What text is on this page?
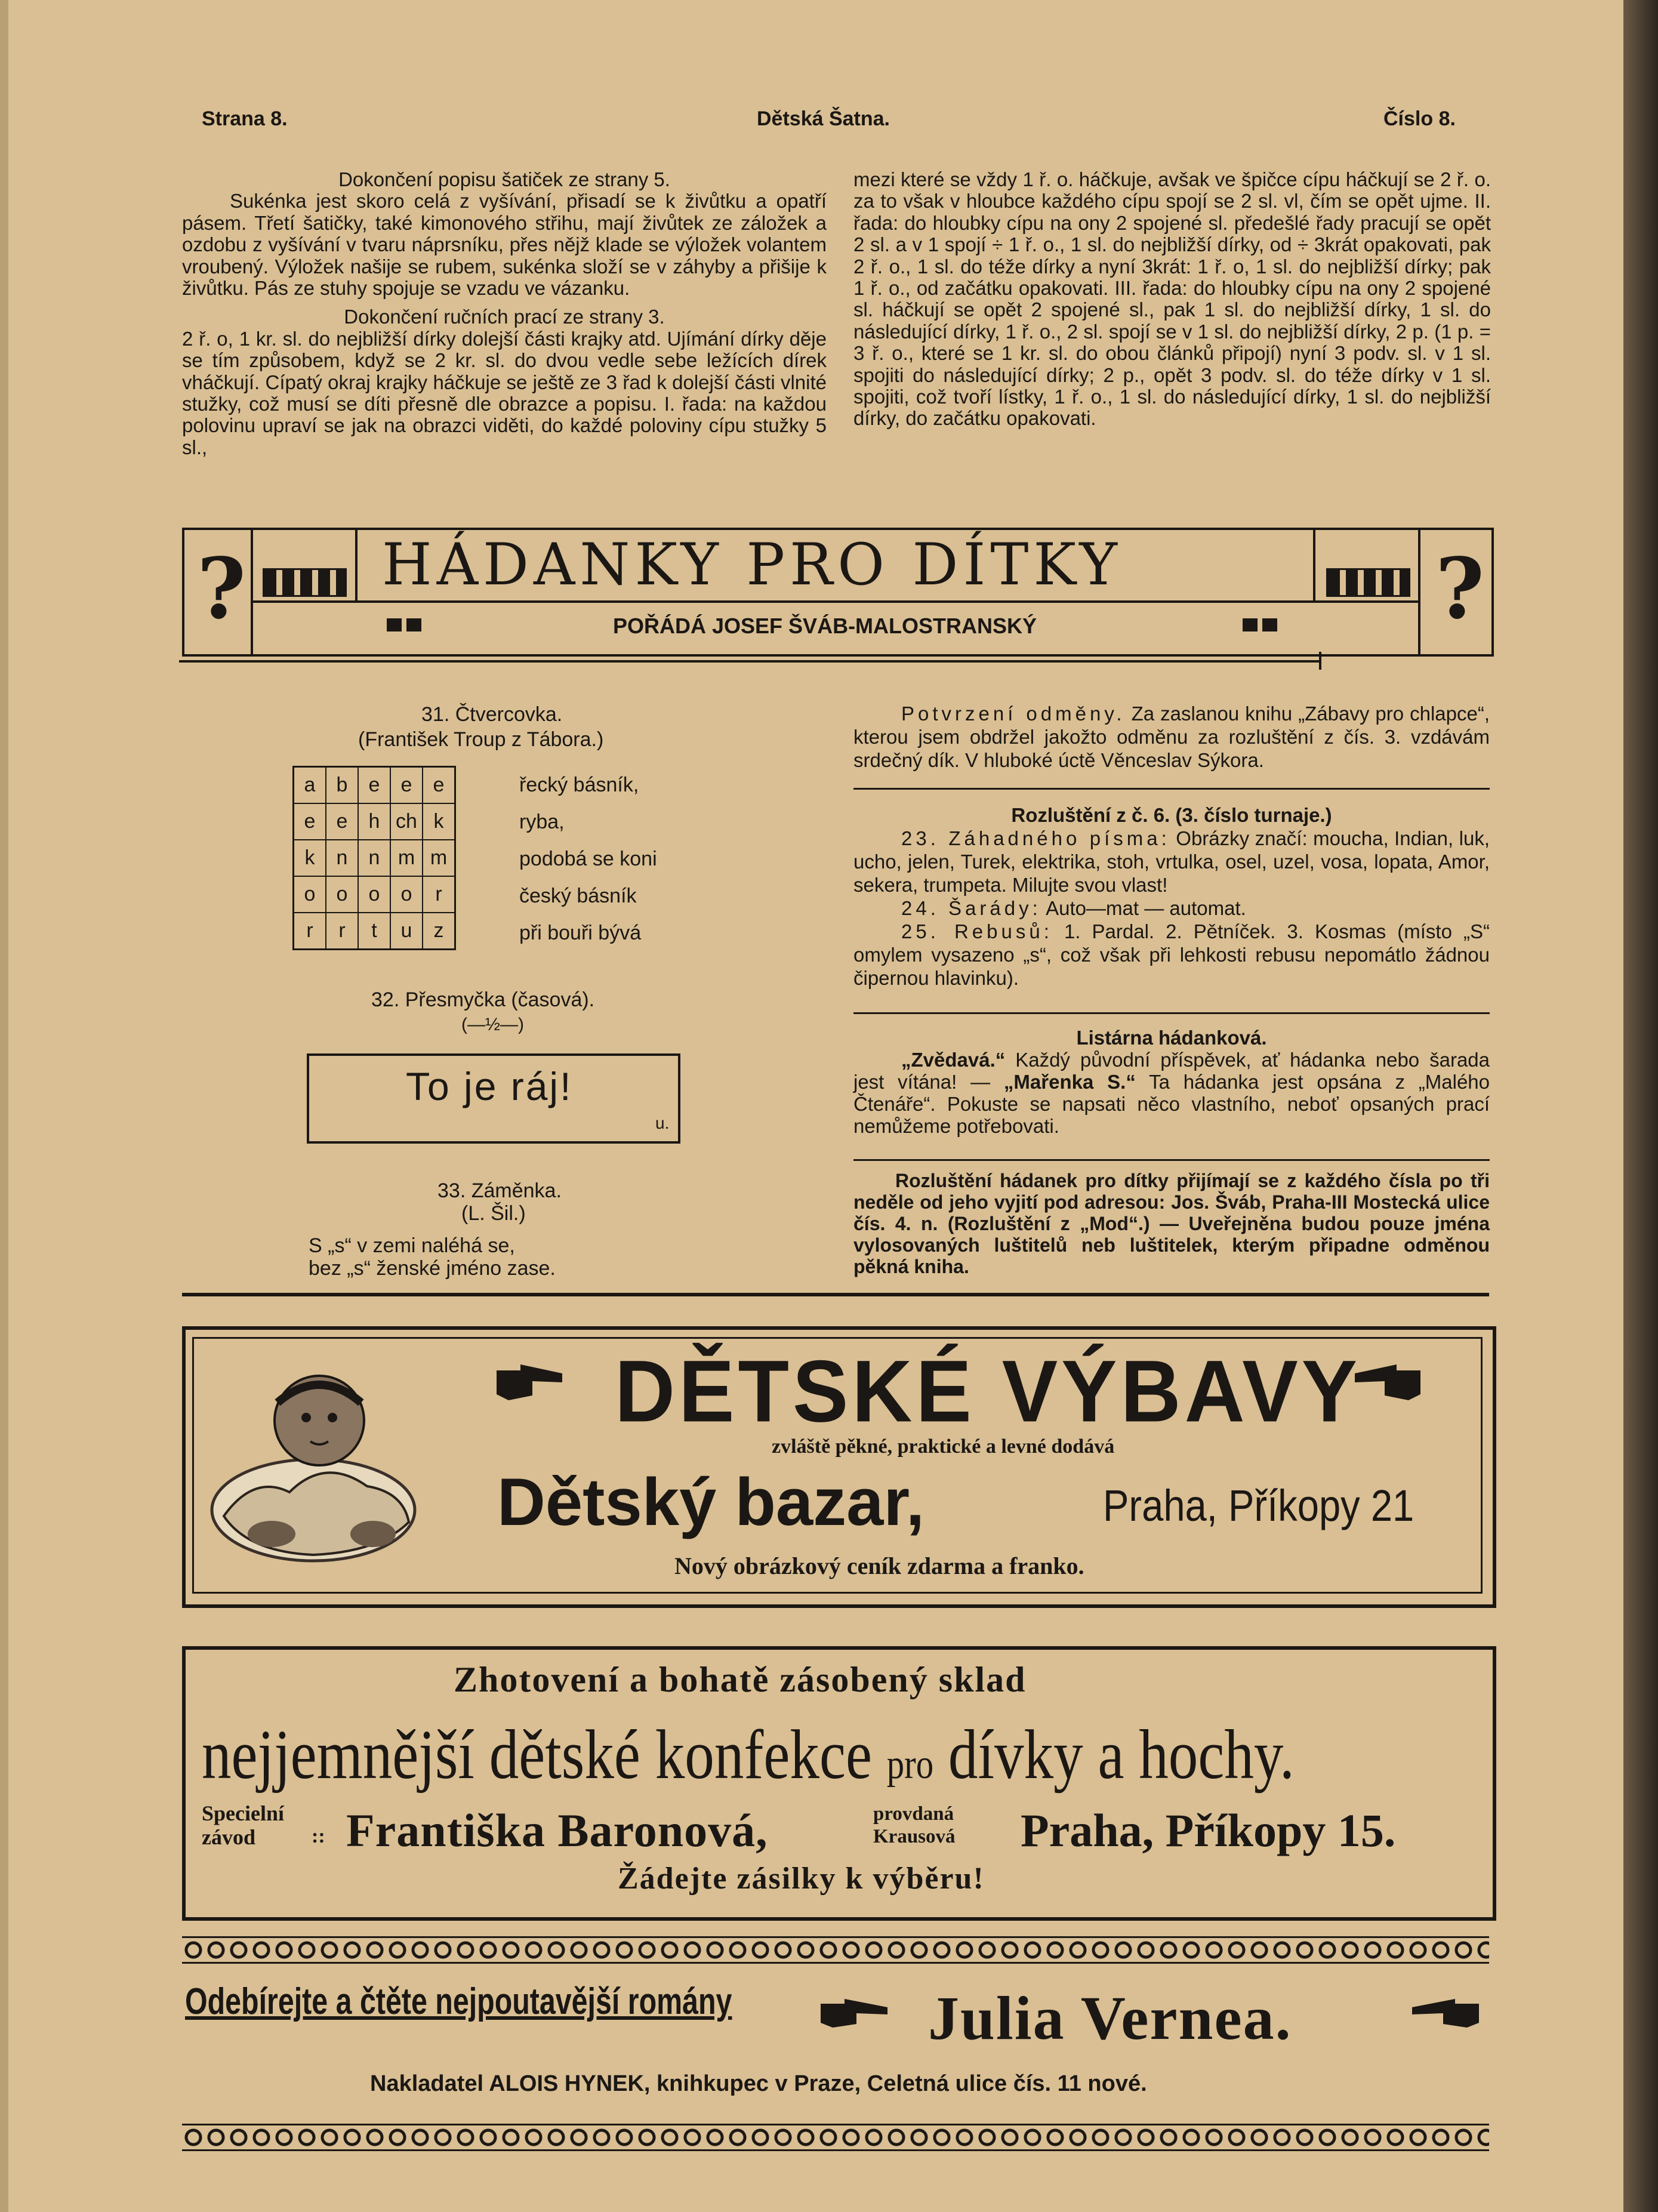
Strana 8.	Dětská Šatna.	Číslo 8.

Dokončení popisu šatiček ze strany 5.

Sukénka jest skoro celá z vyšívání, přisadí se k živůtku a opatří pásem. Třetí šatičky, také kimonového střihu, mají živůtek ze záložek a ozdobu z vyšívání v tvaru náprsníku, přes nějž klade se výložek volantem vroubený. Výložek našije se rubem, sukénka složí se v záhyby a přišije k živůtku. Pás ze stuhy spojuje se vzadu ve vázanku.

Dokončení ručních prací ze strany 3.

2 ř. o, 1 kr. sl. do nejbližší dírky dolejší části krajky atd. Ujímání dírky děje se tím způsobem, když se 2 kr. sl. do dvou vedle sebe ležících dírek vháčkují. Cípatý okraj krajky háčkuje se ještě ze 3 řad k dolejší části vlnité stužky, což musí se díti přesně dle obrazce a popisu. I. řada: na každou polovinu upraví se jak na obrazci viděti, do každé poloviny cípu stužky 5 sl.,

mezi které se vždy 1 ř. o. háčkuje, avšak ve špičce cípu háčkují se 2 ř. o. za to však v hloubce každého cípu spojí se 2 sl. vl, čím se opět ujme. II. řada: do hloubky cípu na ony 2 spojené sl. předešlé řady pracují se opět 2 sl. a v 1 spojí ÷ 1 ř. o., 1 sl. do nejbližší dírky, od ÷ 3krát opakovati, pak 2 ř. o., 1 sl. do téže dírky a nyní 3krát: 1 ř. o, 1 sl. do nejbližší dírky; pak 1 ř. o., od začátku opakovati. III. řada: do hloubky cípu na ony 2 spojené sl. háčkují se opět 2 spojené sl., pak 1 sl. do nejbližší dírky, 1 sl. do následující dírky, 1 ř. o., 2 sl. spojí se v 1 sl. do nejbližší dírky, 2 p. (1 p. = 3 ř. o., které se 1 kr. sl. do obou článků připojí) nyní 3 podv. sl. v 1 sl. spojiti do následující dírky; 2 p., opět 3 podv. sl. do téže dírky v 1 sl. spojiti, což tvoří lístky, 1 ř. o., 1 sl. do následující dírky, 1 sl. do nejbližší dírky, do začátku opakovati.

?	?
HÁDANKY PRO DÍTKY
POŘÁDÁ JOSEF ŠVÁB-MALOSTRANSKÝ
31. Čtvercovka.
(František Troup z Tábora.)
a	b	e	e	e
e	e	h	ch	k
k	n	n	m	m
o	o	o	o	r
r	r	t	u	z
řecký básník,
ryba,
podobá se koni
český básník
při bouři bývá
32. Přesmyčka (časová).
(—½—)
To je ráj!
u.
33. Záměnka.
(L. Šil.)
S „s“ v zemi naléhá se,
bez „s“ ženské jméno zase.

Potvrzení odměny. Za zaslanou knihu „Zábavy pro chlapce“, kterou jsem obdržel jakožto odměnu za rozluštění z čís. 3. vzdávám srdečný dík. V hluboké úctě Věnceslav Sýkora.

Rozluštění z č. 6. (3. číslo turnaje.)

23. Záhadného písma: Obrázky značí: moucha, Indian, luk, ucho, jelen, Turek, elektrika, stoh, vrtulka, osel, uzel, vosa, lopata, Amor, sekera, trumpeta. Milujte svou vlast!

24. Šarády: Auto—mat — automat.

25. Rebusů: 1. Pardal. 2. Pětníček. 3. Kosmas (místo „S“ omylem vysazeno „s“, což však při lehkosti rebusu nepomátlo žádnou čipernou hlavinku).

Listárna hádanková.

„Zvědavá.“ Každý původní příspěvek, ať hádanka nebo šarada jest vítána! — „Mařenka S.“ Ta hádanka jest opsána z „Malého Čtenáře“. Pokuste se napsati něco vlastního, neboť opsaných prací nemůžeme potřebovati.

Rozluštění hádanek pro dítky přijímají se z každého čísla po tři neděle od jeho vyjití pod adresou: Jos. Šváb, Praha-III Mostecká ulice čís. 4. n. (Rozluštění z „Mod“.) — Uveřejněna budou pouze jména vylosovaných luštitelů neb luštitelek, kterým připadne odměnou pěkná kniha.
DĚTSKÉ VÝBAVY
zvláště pěkné, praktické a levné dodává
Dětský bazar,	Praha, Příkopy 21
Nový obrázkový ceník zdarma a franko.
Zhotovení a bohatě zásobený sklad
nejjemnější dětské konfekce pro dívky a hochy.
Specielní
závod	:: Františka Baronová,	provdaná
Krausová Praha, Příkopy 15.
Žádejte zásilky k výběru!
Odebírejte a čtěte nejpoutavější romány	Julia Vernea.
Nakladatel ALOIS HYNEK, knihkupec v Praze, Celetná ulice čís. 11 nové.
